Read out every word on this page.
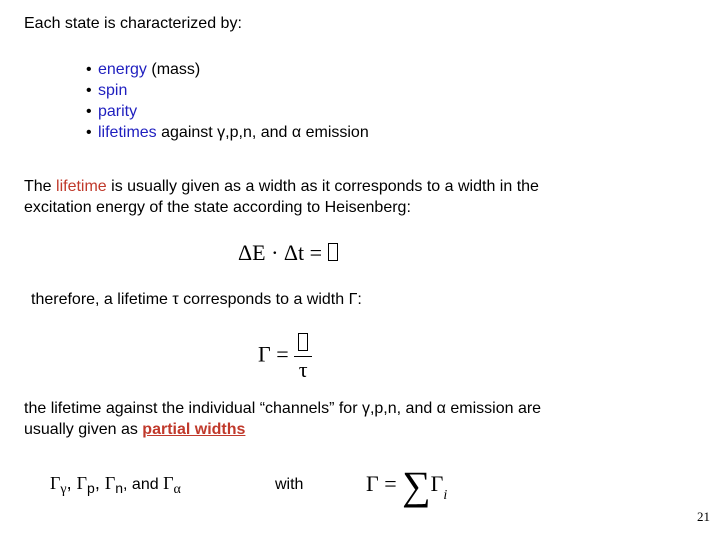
Each state is characterized by:
• energy (mass)
• spin
• parity
• lifetimes against γ,p,n, and α emission
The lifetime is usually given as a width as it corresponds to a width in the
excitation energy of the state according to Heisenberg:
ΔE · Δt =
therefore, a lifetime τ corresponds to a width Γ:
Γ =
τ
the lifetime against the individual “channels” for γ,p,n, and α emission are
usually given as partial widths
$\Gamma_\gamma$, $\Gamma_p$, $\Gamma_n$, and $\Gamma_\alpha$	with	$\Gamma = \sum\Gamma_i$
21
